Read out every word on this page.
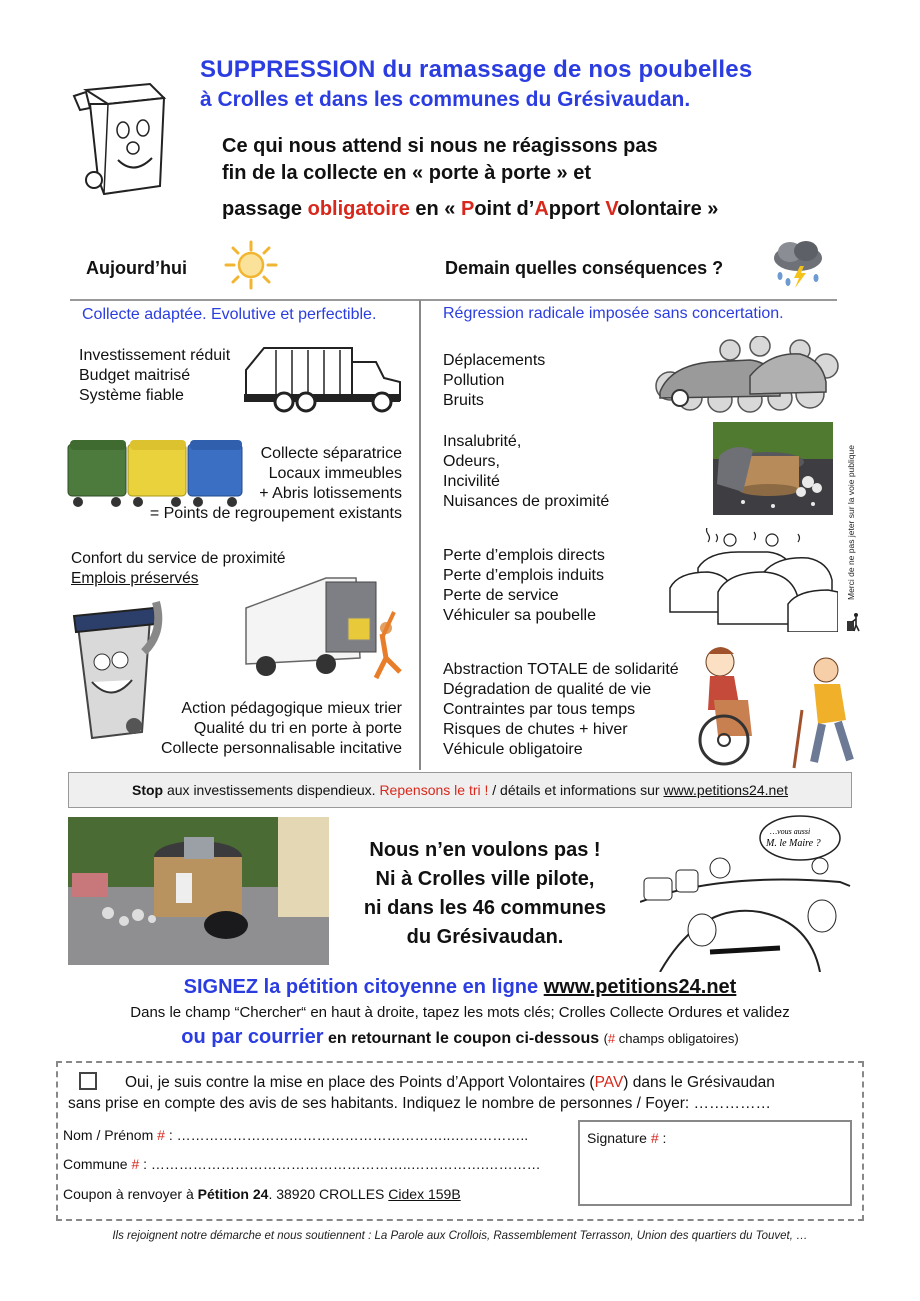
SUPPRESSION du ramassage de nos poubelles
à Crolles et dans les communes du Grésivaudan.
Ce qui nous attend si nous ne réagissons pas
fin de la collecte en « porte à porte » et
passage obligatoire en « Point d’Apport Volontaire »
Aujourd’hui	Demain quelles conséquences ?
Collecte adaptée. Evolutive et perfectible.	Régression radicale imposée sans concertation.
Investissement réduit
Budget maitrisé
Système fiable
Collecte séparatrice
Locaux immeubles
+ Abris lotissements
= Points de regroupement existants
Confort du service de proximité
Emplois préservés
Action pédagogique mieux trier
Qualité du tri en porte à porte
Collecte personnalisable incitative
Déplacements
Pollution
Bruits
Insalubrité,
Odeurs,
Incivilité
Nuisances de proximité
Perte d’emplois directs
Perte d’emplois induits
Perte de service
Véhiculer sa poubelle
Merci de ne pas jeter sur la voie publique
Abstraction TOTALE de solidarité
Dégradation de qualité de vie
Contraintes par tous temps
Risques de chutes + hiver
Véhicule obligatoire
Stop aux investissements dispendieux. Repensons le tri ! / détails et informations sur www.petitions24.net
Nous n’en voulons pas !
Ni à Crolles ville pilote,
ni dans les 46 communes
du Grésivaudan.
…vous aussi
M. le Maire ?
SIGNEZ la pétition citoyenne en ligne www.petitions24.net
Dans le champ “Chercher“ en haut à droite, tapez les mots clés; Crolles Collecte Ordures et validez
ou par courrier en retournant le coupon ci-dessous (# champs obligatoires)
Oui, je suis contre la mise en place des Points d’Apport Volontaires (PAV) dans le Grésivaudan
sans prise en compte des avis de ses habitants. Indiquez le nombre de personnes / Foyer: ……………
Nom / Prénom # : …………………………………………………..……………..
Commune # : ………………………………………………..…………….…………
Coupon à renvoyer à Pétition 24. 38920 CROLLES Cidex 159B
Signature # :
Ils rejoignent notre démarche et nous soutiennent : La Parole aux Crollois, Rassemblement Terrasson, Union des quartiers du Touvet, …
